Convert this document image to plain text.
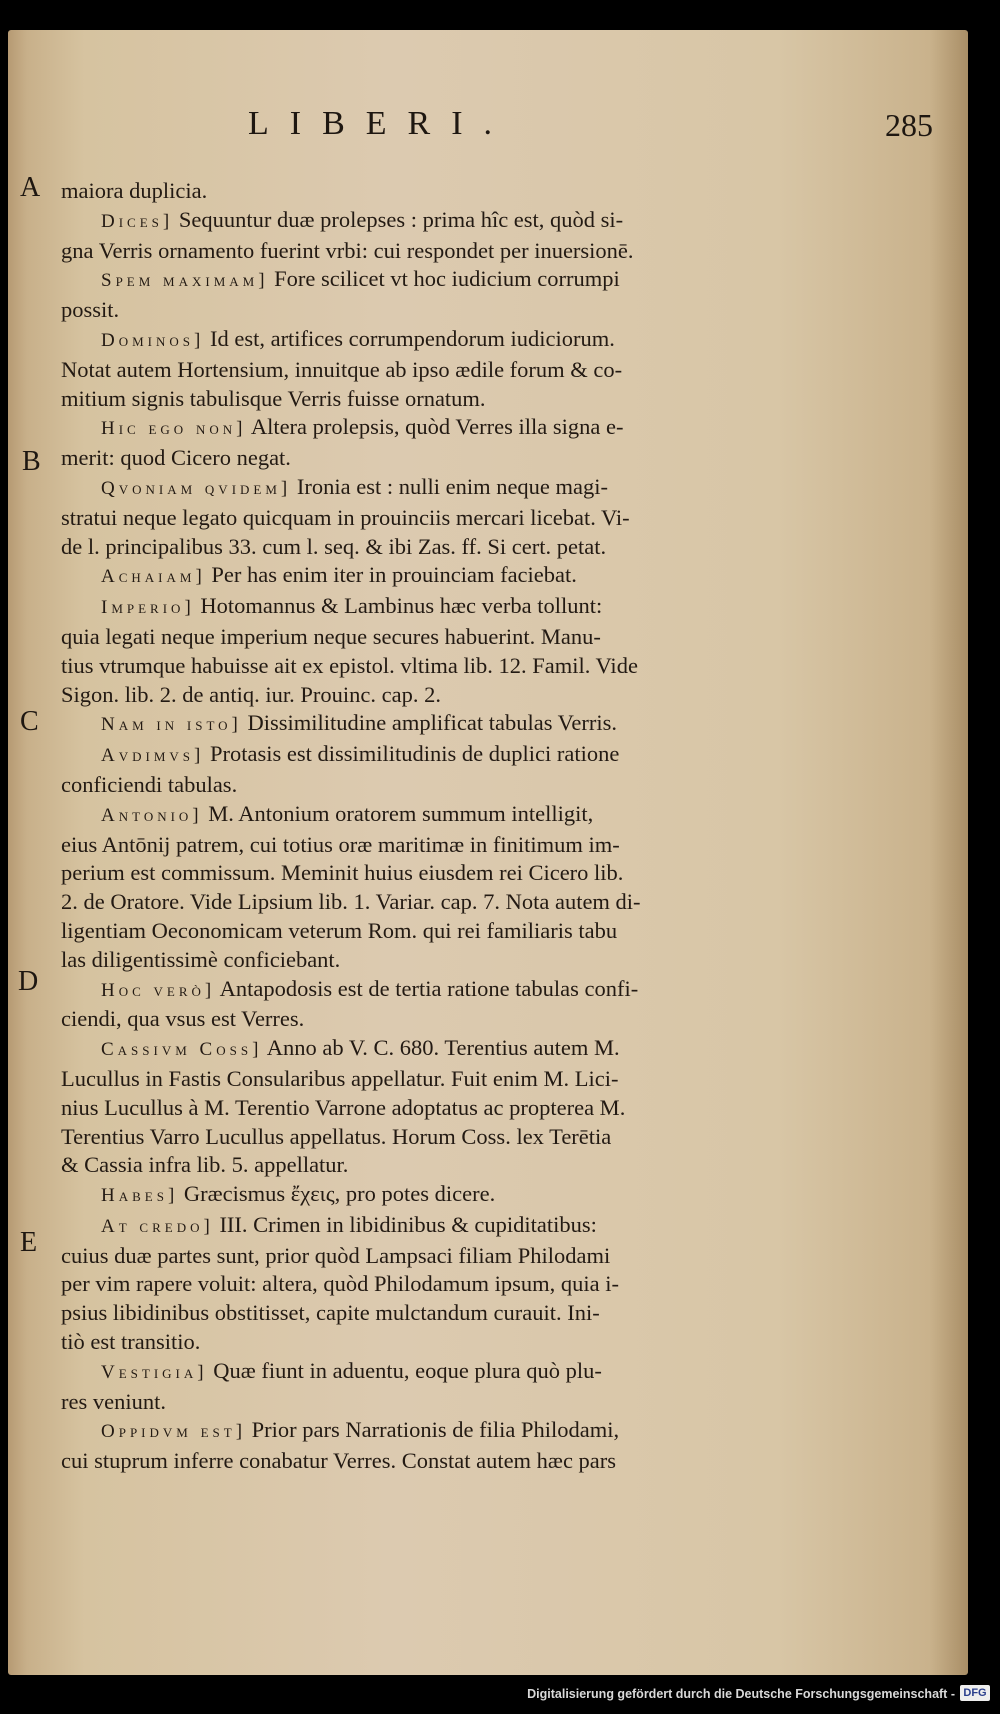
LIBERI.	285
A
B
C
D
E
maiora duplicia.
Dices] Sequuntur duæ prolepses : prima hîc est, quòd si-
gna Verris ornamento fuerint vrbi: cui respondet per inuersionē.
Spem maximam] Fore scilicet vt hoc iudicium corrumpi
possit.
Dominos] Id est, artifices corrumpendorum iudiciorum.
Notat autem Hortensium, innuitque ab ipso ædile forum & co-
mitium signis tabulisque Verris fuisse ornatum.
Hic ego non] Altera prolepsis, quòd Verres illa signa e-
merit: quod Cicero negat.
Qvoniam qvidem] Ironia est : nulli enim neque magi-
stratui neque legato quicquam in prouinciis mercari licebat. Vi-
de l. principalibus 33. cum l. seq. & ibi Zas. ff. Si cert. petat.
Achaiam] Per has enim iter in prouinciam faciebat.
Imperio] Hotomannus & Lambinus hæc verba tollunt:
quia legati neque imperium neque secures habuerint. Manu-
tius vtrumque habuisse ait ex epistol. vltima lib. 12. Famil. Vide
Sigon. lib. 2. de antiq. iur. Prouinc. cap. 2.
Nam in isto] Dissimilitudine amplificat tabulas Verris.
Avdimvs] Protasis est dissimilitudinis de duplici ratione
conficiendi tabulas.
Antonio] M. Antonium oratorem summum intelligit,
eius Antōnij patrem, cui totius oræ maritimæ in finitimum im-
perium est commissum. Meminit huius eiusdem rei Cicero lib.
2. de Oratore. Vide Lipsium lib. 1. Variar. cap. 7. Nota autem di-
ligentiam Oeconomicam veterum Rom. qui rei familiaris tabu
las diligentissimè conficiebant.
Hoc verò] Antapodosis est de tertia ratione tabulas confi-
ciendi, qua vsus est Verres.
Cassivm Coss] Anno ab V. C. 680. Terentius autem M.
Lucullus in Fastis Consularibus appellatur. Fuit enim M. Lici-
nius Lucullus à M. Terentio Varrone adoptatus ac propterea M.
Terentius Varro Lucullus appellatus. Horum Coss. lex Terētia
& Cassia infra lib. 5. appellatur.
Habes] Græcismus ἔχεις, pro potes dicere.
At credo] III. Crimen in libidinibus & cupiditatibus:
cuius duæ partes sunt, prior quòd Lampsaci filiam Philodami
per vim rapere voluit: altera, quòd Philodamum ipsum, quia i-
psius libidinibus obstitisset, capite mulctandum curauit. Ini-
tiò est transitio.
Vestigia] Quæ fiunt in aduentu, eoque plura quò plu-
res veniunt.
Oppidvm est] Prior pars Narrationis de filia Philodami,
cui stuprum inferre conabatur Verres. Constat autem hæc pars
Digitalisierung gefördert durch die Deutsche Forschungsgemeinschaft - DFG
